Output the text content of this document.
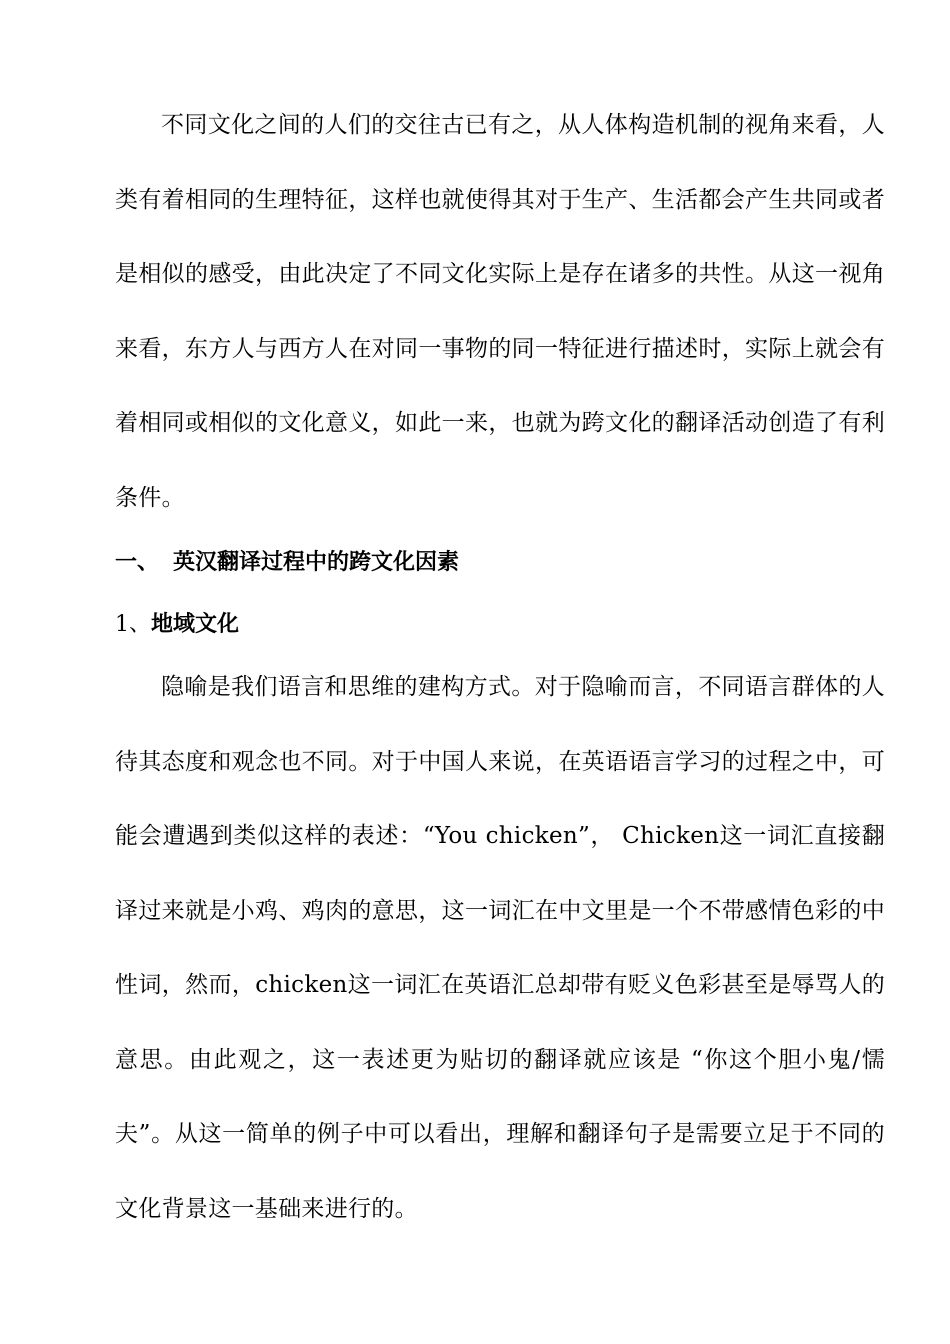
不同文化之间的人们的交往古已有之，从人体构造机制的视角来看，人类有着相同的生理特征，这样也就使得其对于生产、生活都会产生共同或者是相似的感受，由此决定了不同文化实际上是存在诸多的共性。从这一视角来看，东方人与西方人在对同一事物的同一特征进行描述时，实际上就会有着相同或相似的文化意义，如此一来，也就为跨文化的翻译活动创造了有利条件。

一、 英汉翻译过程中的跨文化因素
1、地域文化

隐喻是我们语言和思维的建构方式。对于隐喻而言，不同语言群体的人待其态度和观念也不同。对于中国人来说，在英语语言学习的过程之中，可能会遭遇到类似这样的表述：“You chicken”， Chicken这一词汇直接翻译过来就是小鸡、鸡肉的意思，这一词汇在中文里是一个不带感情色彩的中性词，然而，chicken这一词汇在英语汇总却带有贬义色彩甚至是辱骂人的意思。由此观之，这一表述更为贴切的翻译就应该是 “你这个胆小鬼/懦夫”。从这一简单的例子中可以看出，理解和翻译句子是需要立足于不同的文化背景这一基础来进行的。
